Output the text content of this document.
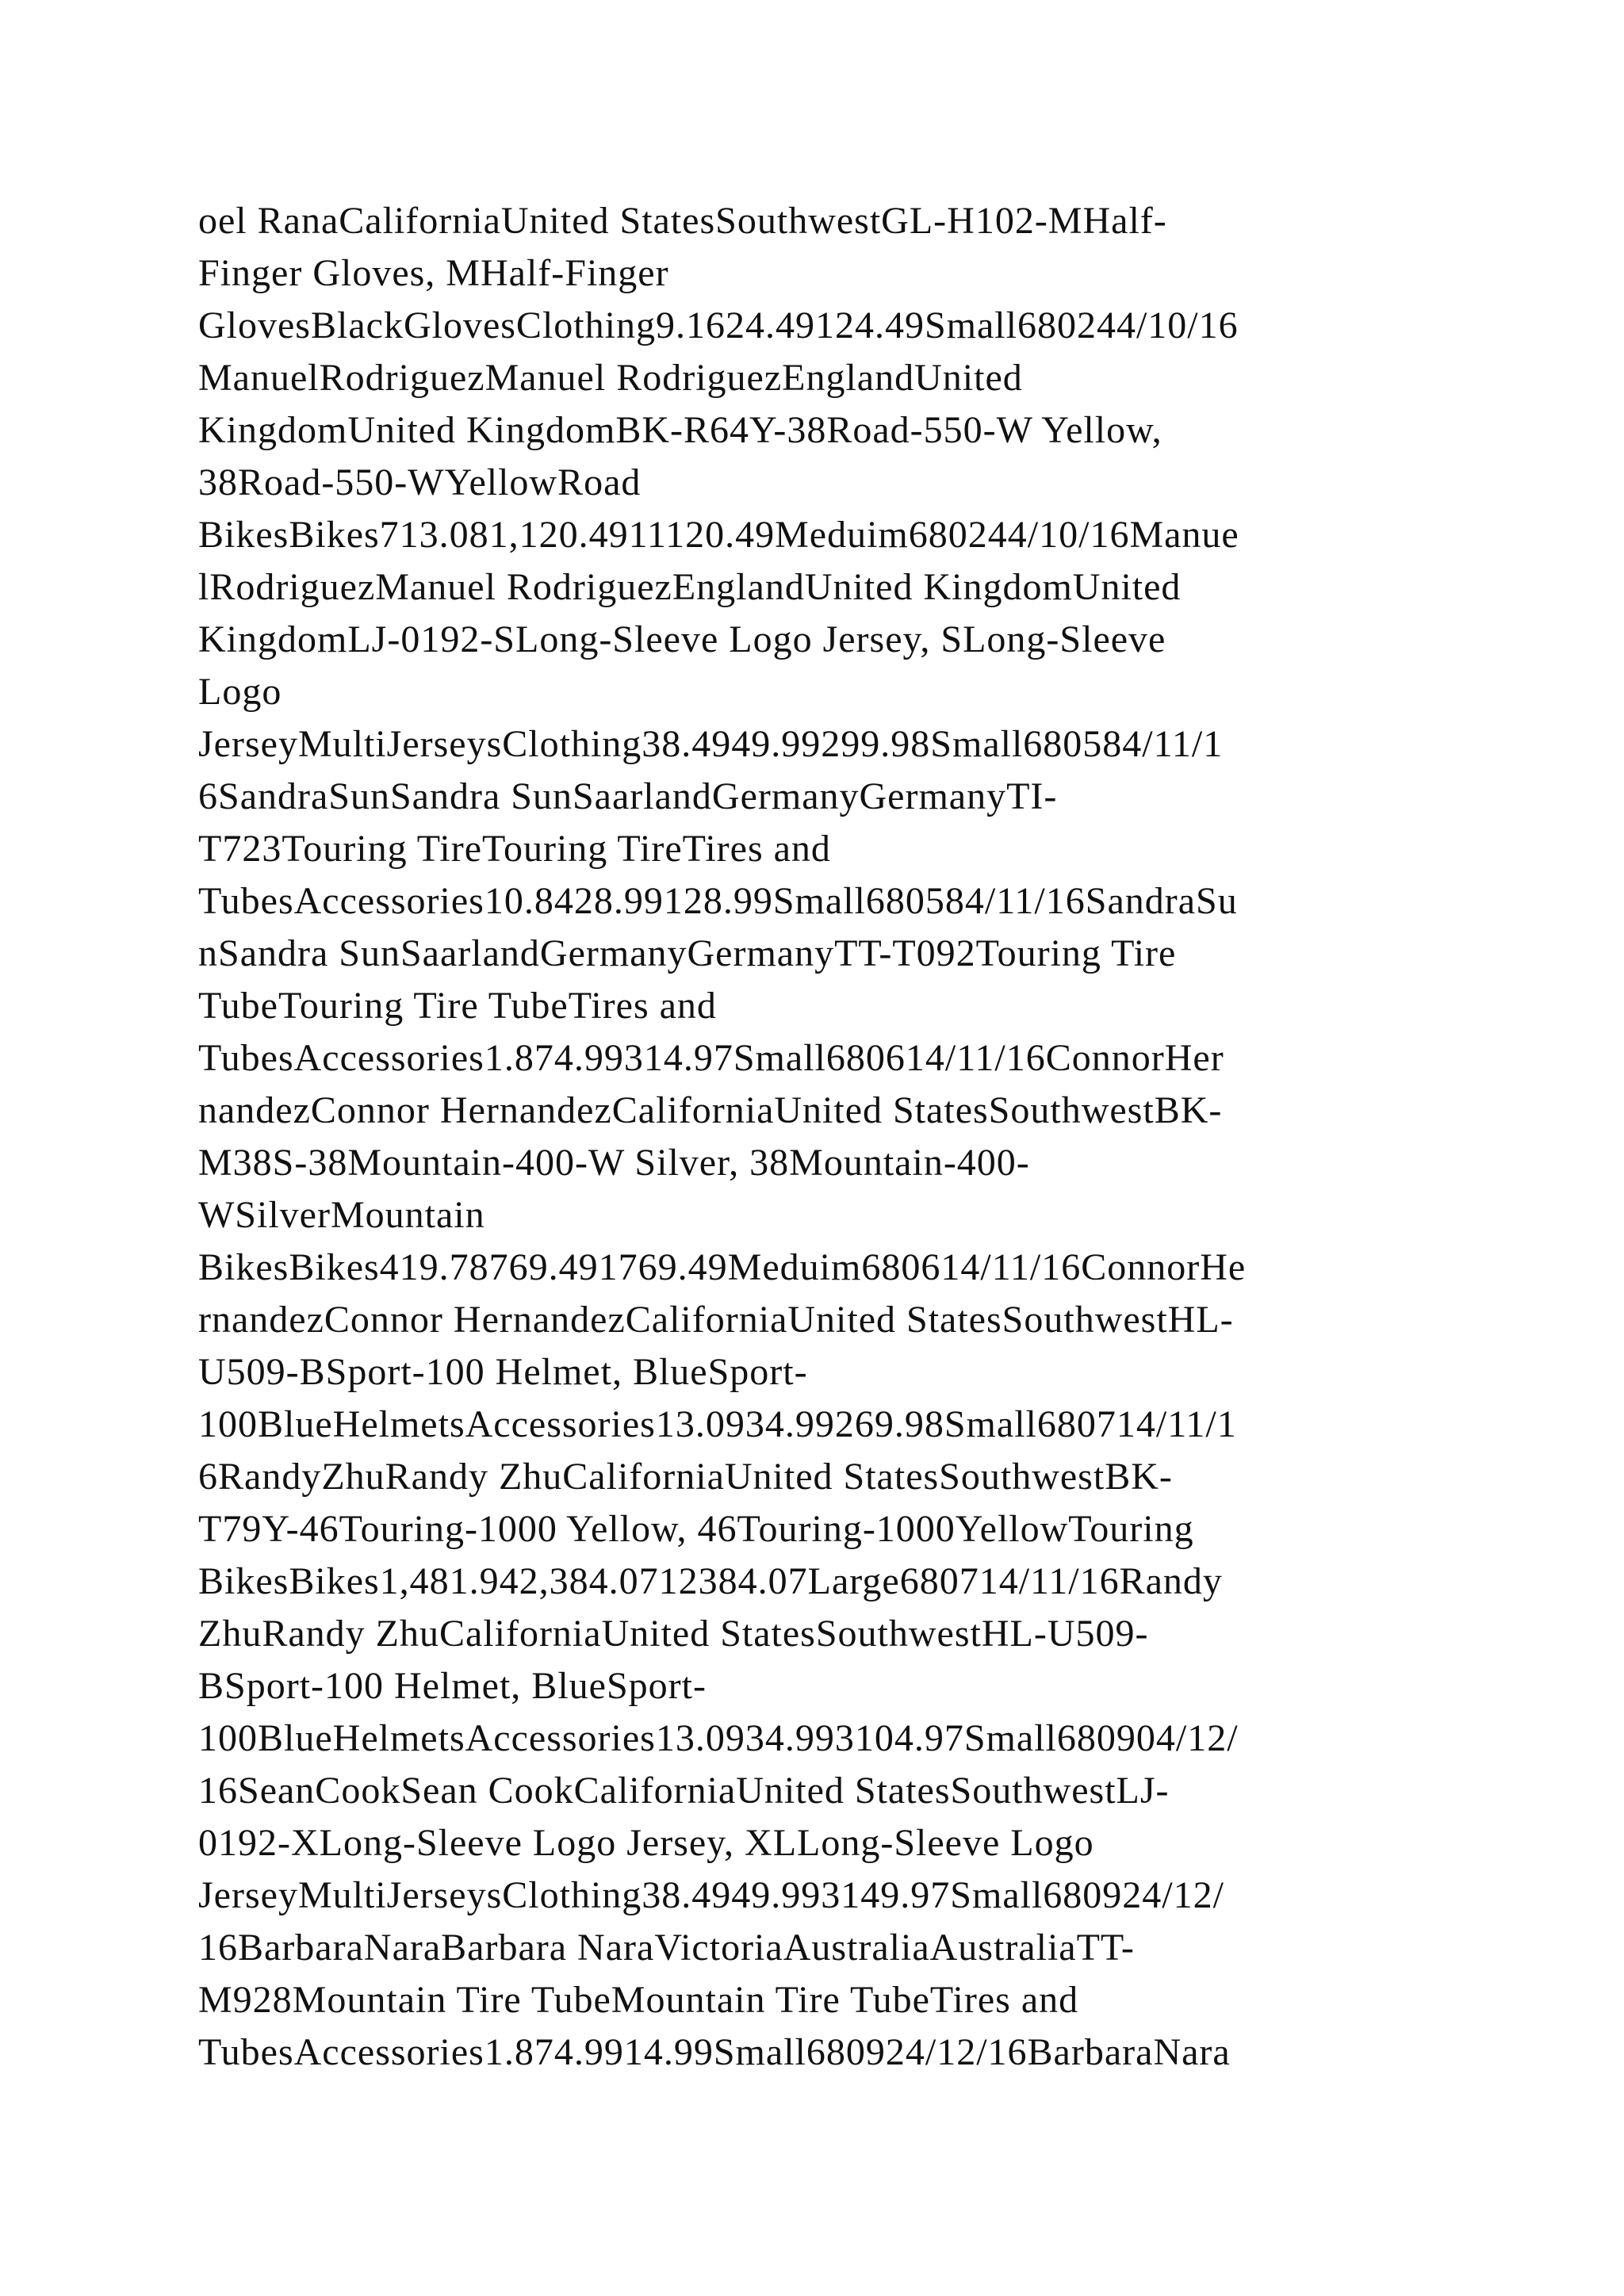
oel RanaCaliforniaUnited StatesSouthwestGL-H102-MHalf-
Finger Gloves, MHalf-Finger
GlovesBlackGlovesClothing9.1624.49124.49Small680244/10/16
ManuelRodriguezManuel RodriguezEnglandUnited
KingdomUnited KingdomBK-R64Y-38Road-550-W Yellow,
38Road-550-WYellowRoad
BikesBikes713.081,120.4911120.49Meduim680244/10/16Manue
lRodriguezManuel RodriguezEnglandUnited KingdomUnited
KingdomLJ-0192-SLong-Sleeve Logo Jersey, SLong-Sleeve
Logo
JerseyMultiJerseysClothing38.4949.99299.98Small680584/11/1
6SandraSunSandra SunSaarlandGermanyGermanyTI-
T723Touring TireTouring TireTires and
TubesAccessories10.8428.99128.99Small680584/11/16SandraSu
nSandra SunSaarlandGermanyGermanyTT-T092Touring Tire
TubeTouring Tire TubeTires and
TubesAccessories1.874.99314.97Small680614/11/16ConnorHer
nandezConnor HernandezCaliforniaUnited StatesSouthwestBK-
M38S-38Mountain-400-W Silver, 38Mountain-400-
WSilverMountain
BikesBikes419.78769.491769.49Meduim680614/11/16ConnorHe
rnandezConnor HernandezCaliforniaUnited StatesSouthwestHL-
U509-BSport-100 Helmet, BlueSport-
100BlueHelmetsAccessories13.0934.99269.98Small680714/11/1
6RandyZhuRandy ZhuCaliforniaUnited StatesSouthwestBK-
T79Y-46Touring-1000 Yellow, 46Touring-1000YellowTouring
BikesBikes1,481.942,384.0712384.07Large680714/11/16Randy
ZhuRandy ZhuCaliforniaUnited StatesSouthwestHL-U509-
BSport-100 Helmet, BlueSport-
100BlueHelmetsAccessories13.0934.993104.97Small680904/12/
16SeanCookSean CookCaliforniaUnited StatesSouthwestLJ-
0192-XLong-Sleeve Logo Jersey, XLLong-Sleeve Logo
JerseyMultiJerseysClothing38.4949.993149.97Small680924/12/
16BarbaraNaraBarbara NaraVictoriaAustraliaAustraliaTT-
M928Mountain Tire TubeMountain Tire TubeTires and
TubesAccessories1.874.9914.99Small680924/12/16BarbaraNara
